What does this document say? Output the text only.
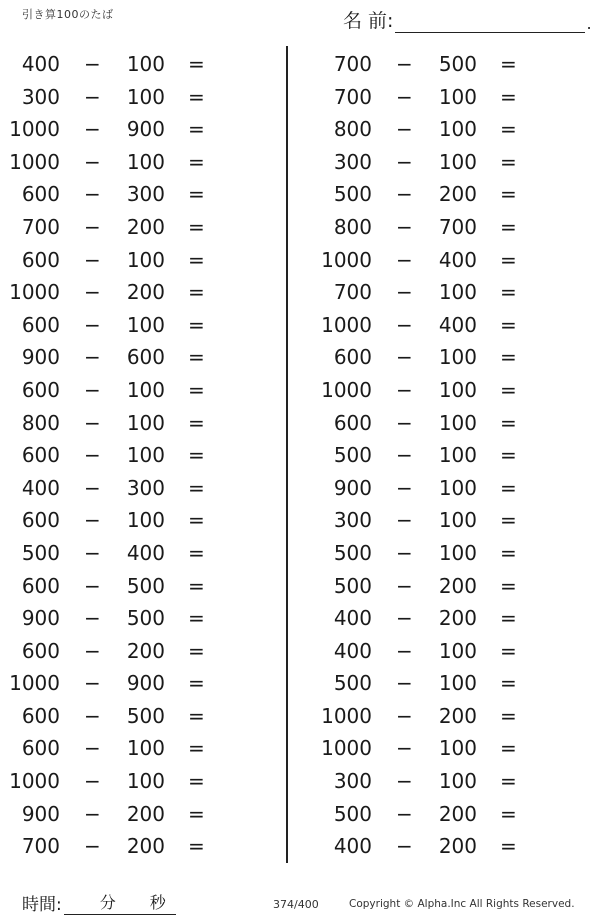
引き算100のたば	名 前:	.
400 − 100 =
300 − 100 =
1000 − 900 =
1000 − 100 =
600 − 300 =
700 − 200 =
600 − 100 =
1000 − 200 =
600 − 100 =
900 − 600 =
600 − 100 =
800 − 100 =
600 − 100 =
400 − 300 =
600 − 100 =
500 − 400 =
600 − 500 =
900 − 500 =
600 − 200 =
1000 − 900 =
600 − 500 =
600 − 100 =
1000 − 100 =
900 − 200 =
700 − 200 =
700 − 500 =
700 − 100 =
800 − 100 =
300 − 100 =
500 − 200 =
800 − 700 =
1000 − 400 =
700 − 100 =
1000 − 400 =
600 − 100 =
1000 − 100 =
600 − 100 =
500 − 100 =
900 − 100 =
300 − 100 =
500 − 100 =
500 − 200 =
400 − 200 =
400 − 100 =
500 − 100 =
1000 − 200 =
1000 − 100 =
300 − 100 =
500 − 200 =
400 − 200 =
時間: 分 秒	374/400	Copyright © Alpha.Inc All Rights Reserved.
